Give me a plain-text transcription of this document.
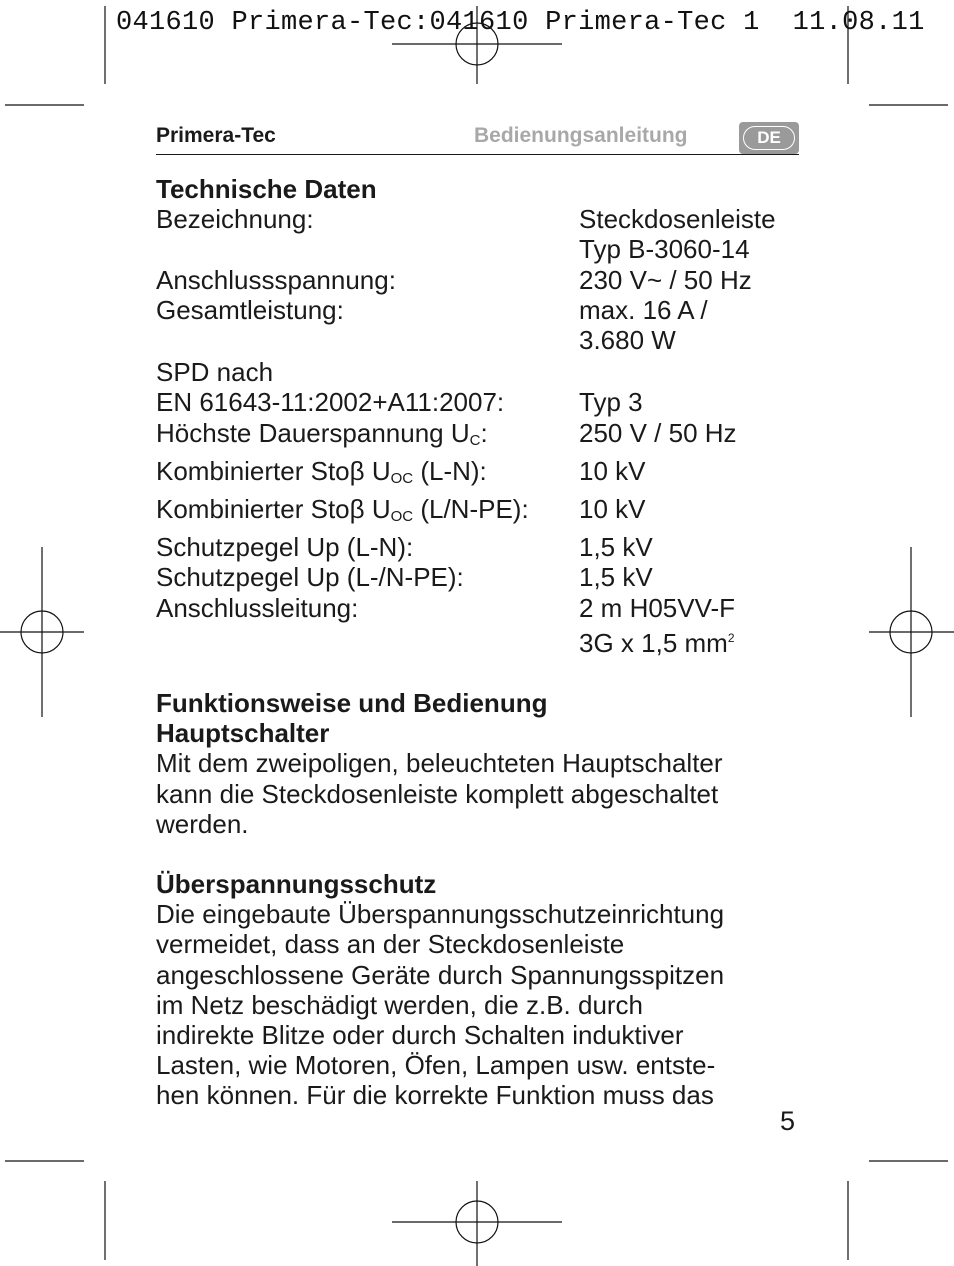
041610 Primera-Tec:041610 Primera-Tec 1  11.08.11
Primera-Tec	Bedienungsanleitung	DE
Technische Daten
Bezeichnung:	Steckdosenleiste
Typ B-3060-14
Anschlussspannung:	230 V~ / 50 Hz
Gesamtleistung:	max. 16 A /
3.680 W
SPD nach
EN 61643-11:2002+A11:2007:	Typ 3
Höchste Dauerspannung $U_C$:	250 V / 50 Hz
Kombinierter Stoβ $U_{OC}$ (L-N):	10 kV
Kombinierter Stoβ $U_{OC}$ (L/N-PE):	10 kV
Schutzpegel Up (L-N):	1,5 kV
Schutzpegel Up (L-/N-PE):	1,5 kV
Anschlussleitung:	2 m H05VV-F
3G x 1,5 $mm^2$
Funktionsweise und Bedienung
Hauptschalter
Mit dem zweipoligen, beleuchteten Hauptschalter
kann die Steckdosenleiste komplett abgeschaltet
werden.
Überspannungsschutz
Die eingebaute Überspannungsschutzeinrichtung
vermeidet, dass an der Steckdosenleiste
angeschlossene Geräte durch Spannungsspitzen
im Netz beschädigt werden, die z.B. durch
indirekte Blitze oder durch Schalten induktiver
Lasten, wie Motoren, Öfen, Lampen usw. entste-
hen können. Für die korrekte Funktion muss das
5
